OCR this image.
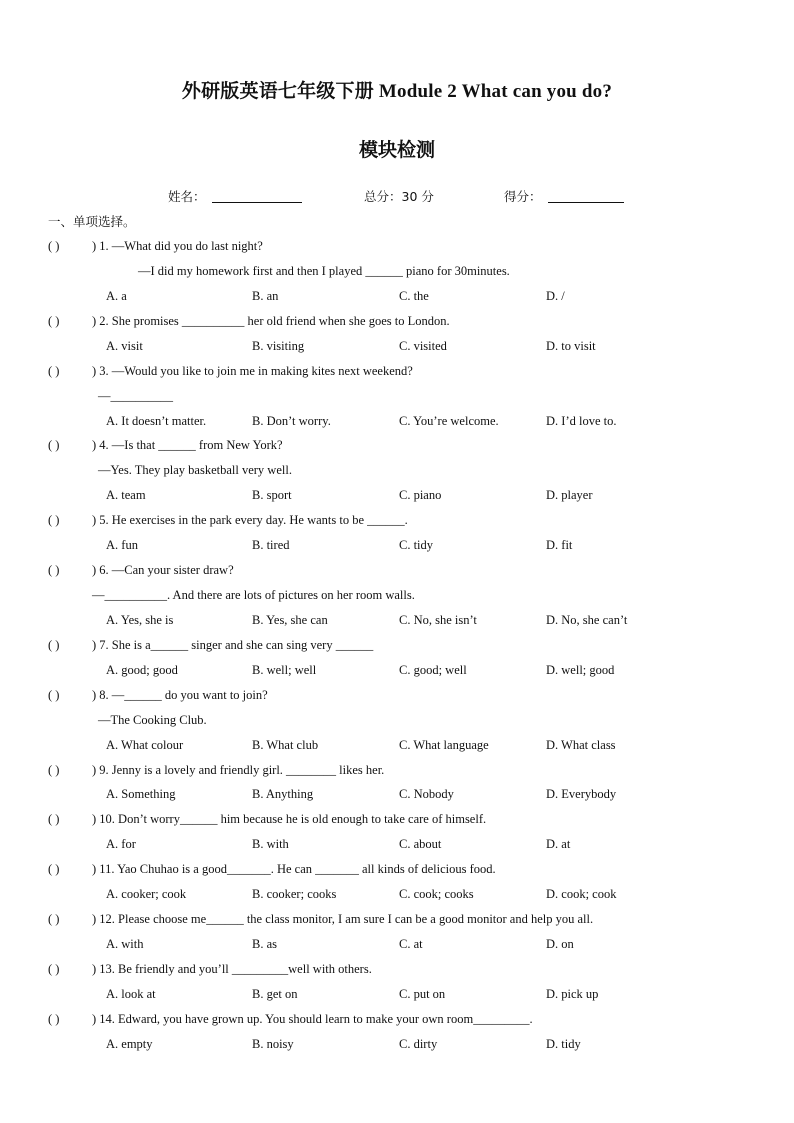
外研版英语七年级下册 Module 2 What can you do?
模块检测
姓名：	总分：30 分	得分：
一、单项选择。
( )	) 1. —What did you do last night?
—I did my homework first and then I played ______ piano for 30minutes.
A. a	B. an	C. the	D. /
( )	) 2. She promises __________ her old friend when she goes to London.
A. visit	B. visiting	C. visited	D. to visit
( )	) 3. —Would you like to join me in making kites next weekend?
—__________
A. It doesn’t matter.	B. Don’t worry.	C. You’re welcome.	D. I’d love to.
( )	) 4. —Is that ______ from New York?
—Yes. They play basketball very well.
A. team	B. sport	C. piano	D. player
( )	) 5. He exercises in the park every day. He wants to be ______.
A. fun	B. tired	C. tidy	D. fit
( )	) 6. —Can your sister draw?
—__________. And there are lots of pictures on her room walls.
A. Yes, she is	B. Yes, she can	C. No, she isn’t	D. No, she can’t
( )	) 7. She is a______ singer and she can sing very ______
A. good; good	B. well; well	C. good; well	D. well; good
( )	) 8. —______ do you want to join?
—The Cooking Club.
A. What colour	B. What club	C. What language	D. What class
( )	) 9. Jenny is a lovely and friendly girl. ________ likes her.
A. Something	B. Anything	C. Nobody	D. Everybody
( )	) 10. Don’t worry______ him because he is old enough to take care of himself.
A. for	B. with	C. about	D. at
( )	) 11. Yao Chuhao is a good_______. He can _______ all kinds of delicious food.
A. cooker; cook	B. cooker; cooks	C. cook; cooks	D. cook; cook
( )	) 12. Please choose me______ the class monitor, I am sure I can be a good monitor and help you all.
A. with	B. as	C. at	D. on
( )	) 13. Be friendly and you’ll _________well with others.
A. look at	B. get on	C. put on	D. pick up
( )	) 14. Edward, you have grown up. You should learn to make your own room_________.
A. empty	B. noisy	C. dirty	D. tidy
